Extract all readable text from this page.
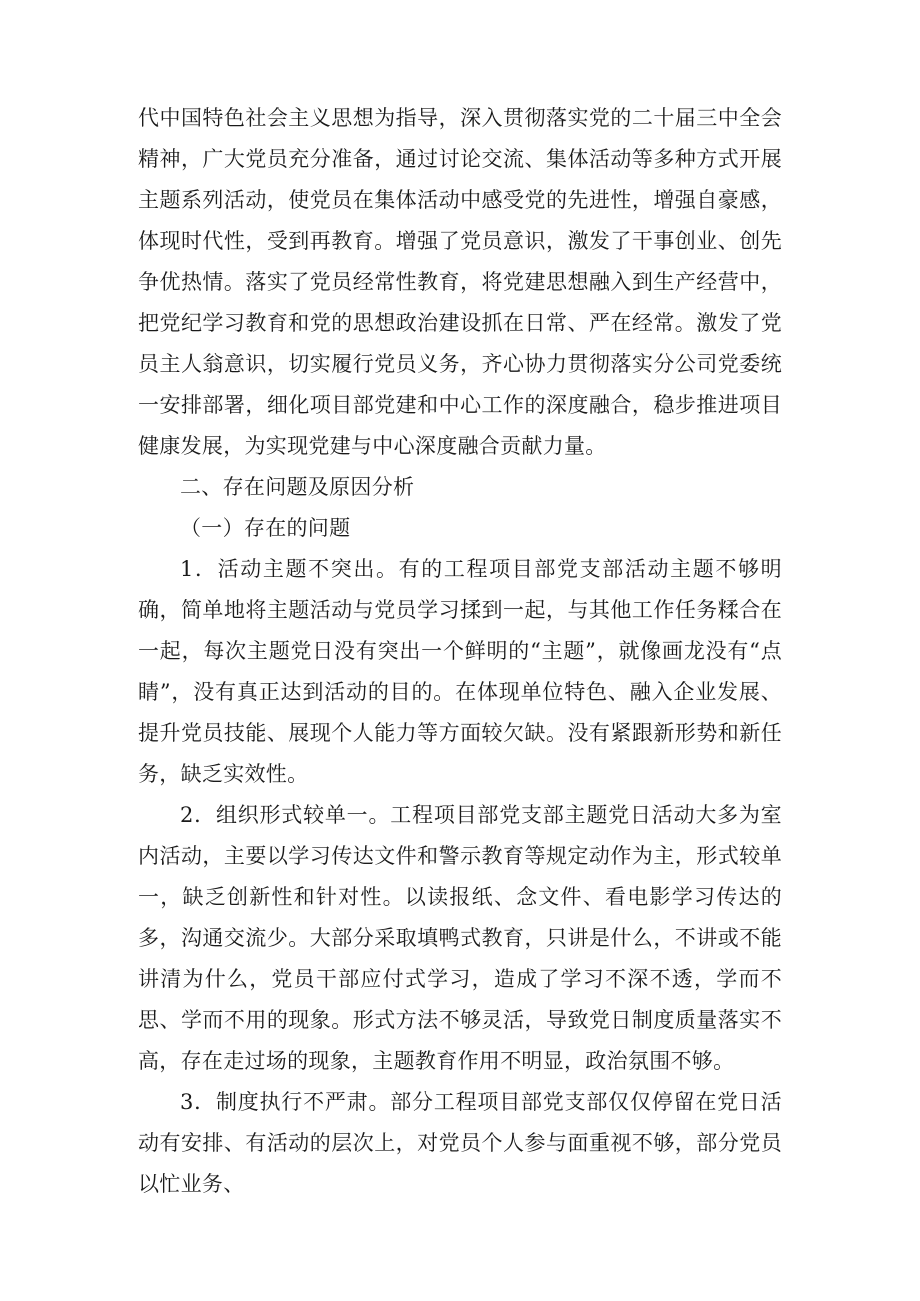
代中国特色社会主义思想为指导，深入贯彻落实党的二十届三中全会精神，广大党员充分准备，通过讨论交流、集体活动等多种方式开展主题系列活动，使党员在集体活动中感受党的先进性，增强自豪感，体现时代性，受到再教育。增强了党员意识，激发了干事创业、创先争优热情。落实了党员经常性教育，将党建思想融入到生产经营中，把党纪学习教育和党的思想政治建设抓在日常、严在经常。激发了党员主人翁意识，切实履行党员义务，齐心协力贯彻落实分公司党委统一安排部署，细化项目部党建和中心工作的深度融合，稳步推进项目健康发展，为实现党建与中心深度融合贡献力量。

二、存在问题及原因分析

（一）存在的问题

1．活动主题不突出。有的工程项目部党支部活动主题不够明确，简单地将主题活动与党员学习揉到一起，与其他工作任务糅合在一起，每次主题党日没有突出一个鲜明的“主题”，就像画龙没有“点睛”，没有真正达到活动的目的。在体现单位特色、融入企业发展、提升党员技能、展现个人能力等方面较欠缺。没有紧跟新形势和新任务，缺乏实效性。

2．组织形式较单一。工程项目部党支部主题党日活动大多为室内活动，主要以学习传达文件和警示教育等规定动作为主，形式较单一，缺乏创新性和针对性。以读报纸、念文件、看电影学习传达的多，沟通交流少。大部分采取填鸭式教育，只讲是什么，不讲或不能讲清为什么，党员干部应付式学习，造成了学习不深不透，学而不思、学而不用的现象。形式方法不够灵活，导致党日制度质量落实不高，存在走过场的现象，主题教育作用不明显，政治氛围不够。

3．制度执行不严肃。部分工程项目部党支部仅仅停留在党日活动有安排、有活动的层次上，对党员个人参与面重视不够，部分党员以忙业务、
